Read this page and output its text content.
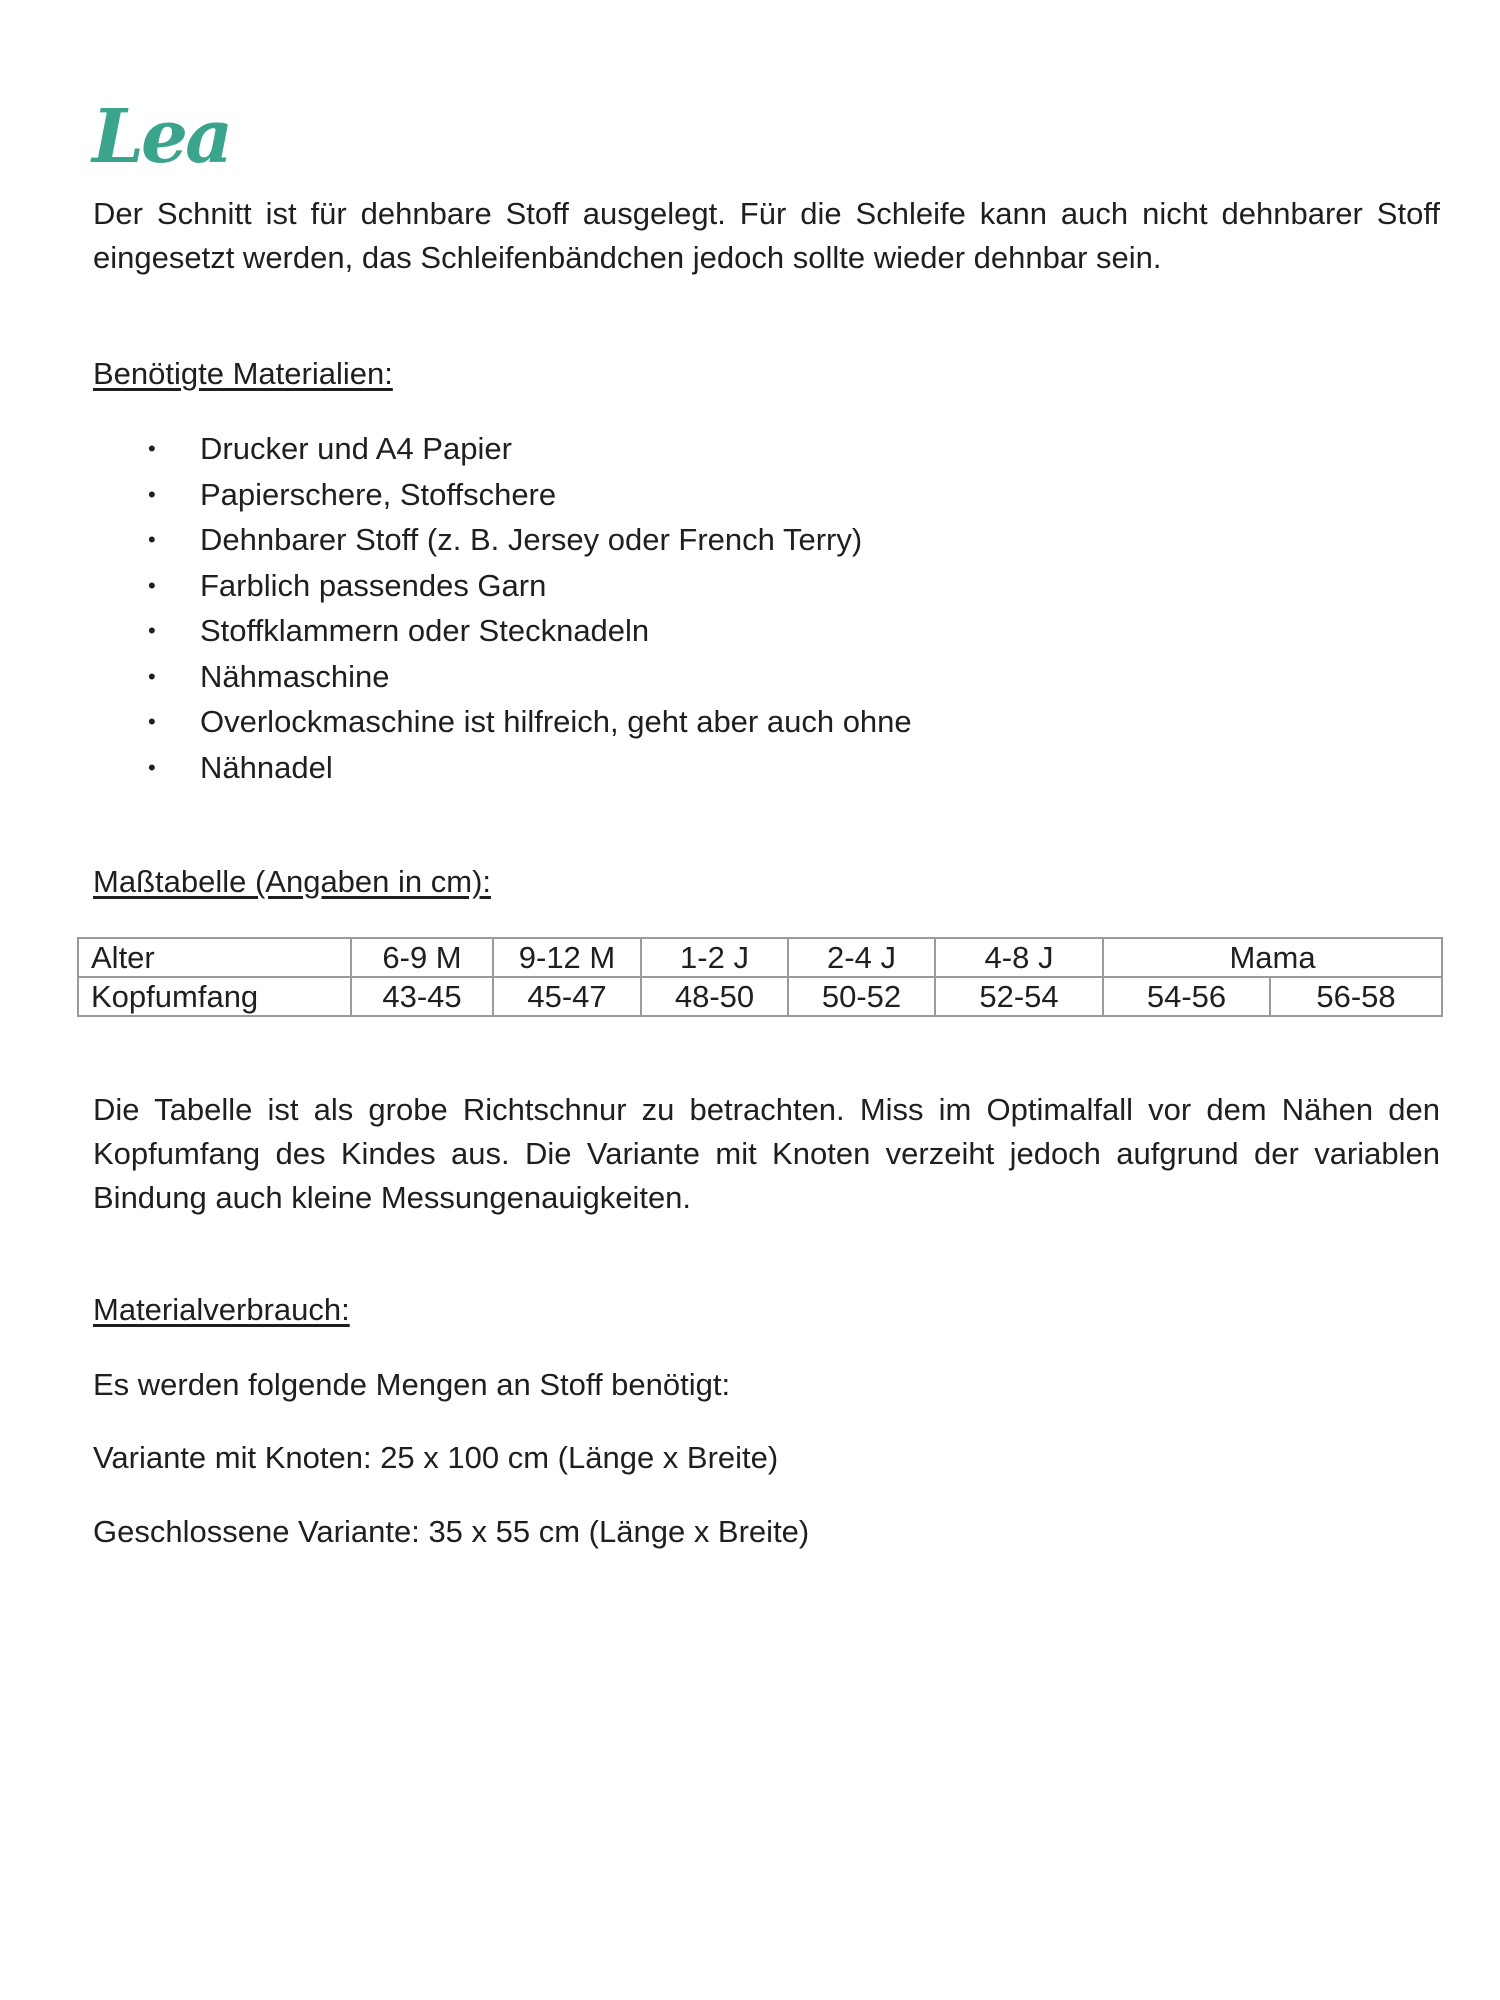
Lea

Der Schnitt ist für dehnbare Stoff ausgelegt. Für die Schleife kann auch nicht dehnbarer Stoff eingesetzt werden, das Schleifenbändchen jedoch sollte wieder dehnbar sein.

Benötigte Materialien:
• Drucker und A4 Papier
• Papierschere, Stoffschere
• Dehnbarer Stoff (z. B. Jersey oder French Terry)
• Farblich passendes Garn
• Stoffklammern oder Stecknadeln
• Nähmaschine
• Overlockmaschine ist hilfreich, geht aber auch ohne
• Nähnadel
Maßtabelle (Angaben in cm):
Alter	6-9 M	9-12 M	1-2 J	2-4 J	4-8 J	Mama	
Kopfumfang	43-45	45-47	48-50	50-52	52-54	54-56	56-58

Die Tabelle ist als grobe Richtschnur zu betrachten. Miss im Optimalfall vor dem Nähen den Kopfumfang des Kindes aus. Die Variante mit Knoten verzeiht jedoch aufgrund der variablen Bindung auch kleine Messungenauigkeiten.

Materialverbrauch:

Es werden folgende Mengen an Stoff benötigt:

Variante mit Knoten: 25 x 100 cm (Länge x Breite)

Geschlossene Variante: 35 x 55 cm (Länge x Breite)
